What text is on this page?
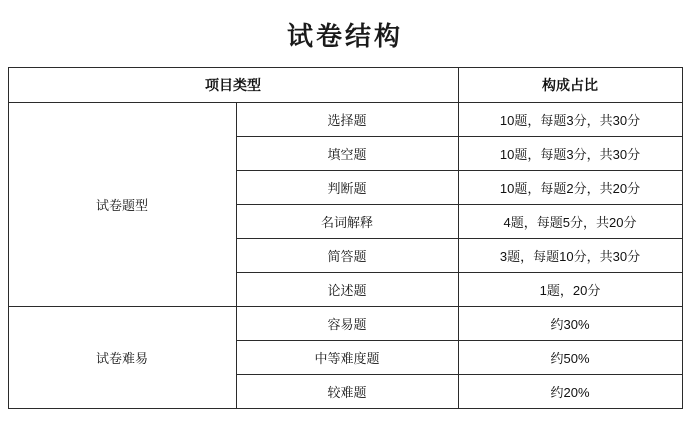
试卷结构
项目类型		构成占比
试卷题型	选择题	10题，每题3分，共30分
	填空题	10题，每题3分，共30分
	判断题	10题，每题2分，共20分
	名词解释	4题，每题5分，共20分
	简答题	3题，每题10分，共30分
	论述题	1题，20分
试卷难易	容易题	约30%
	中等难度题	约50%
	较难题	约20%
